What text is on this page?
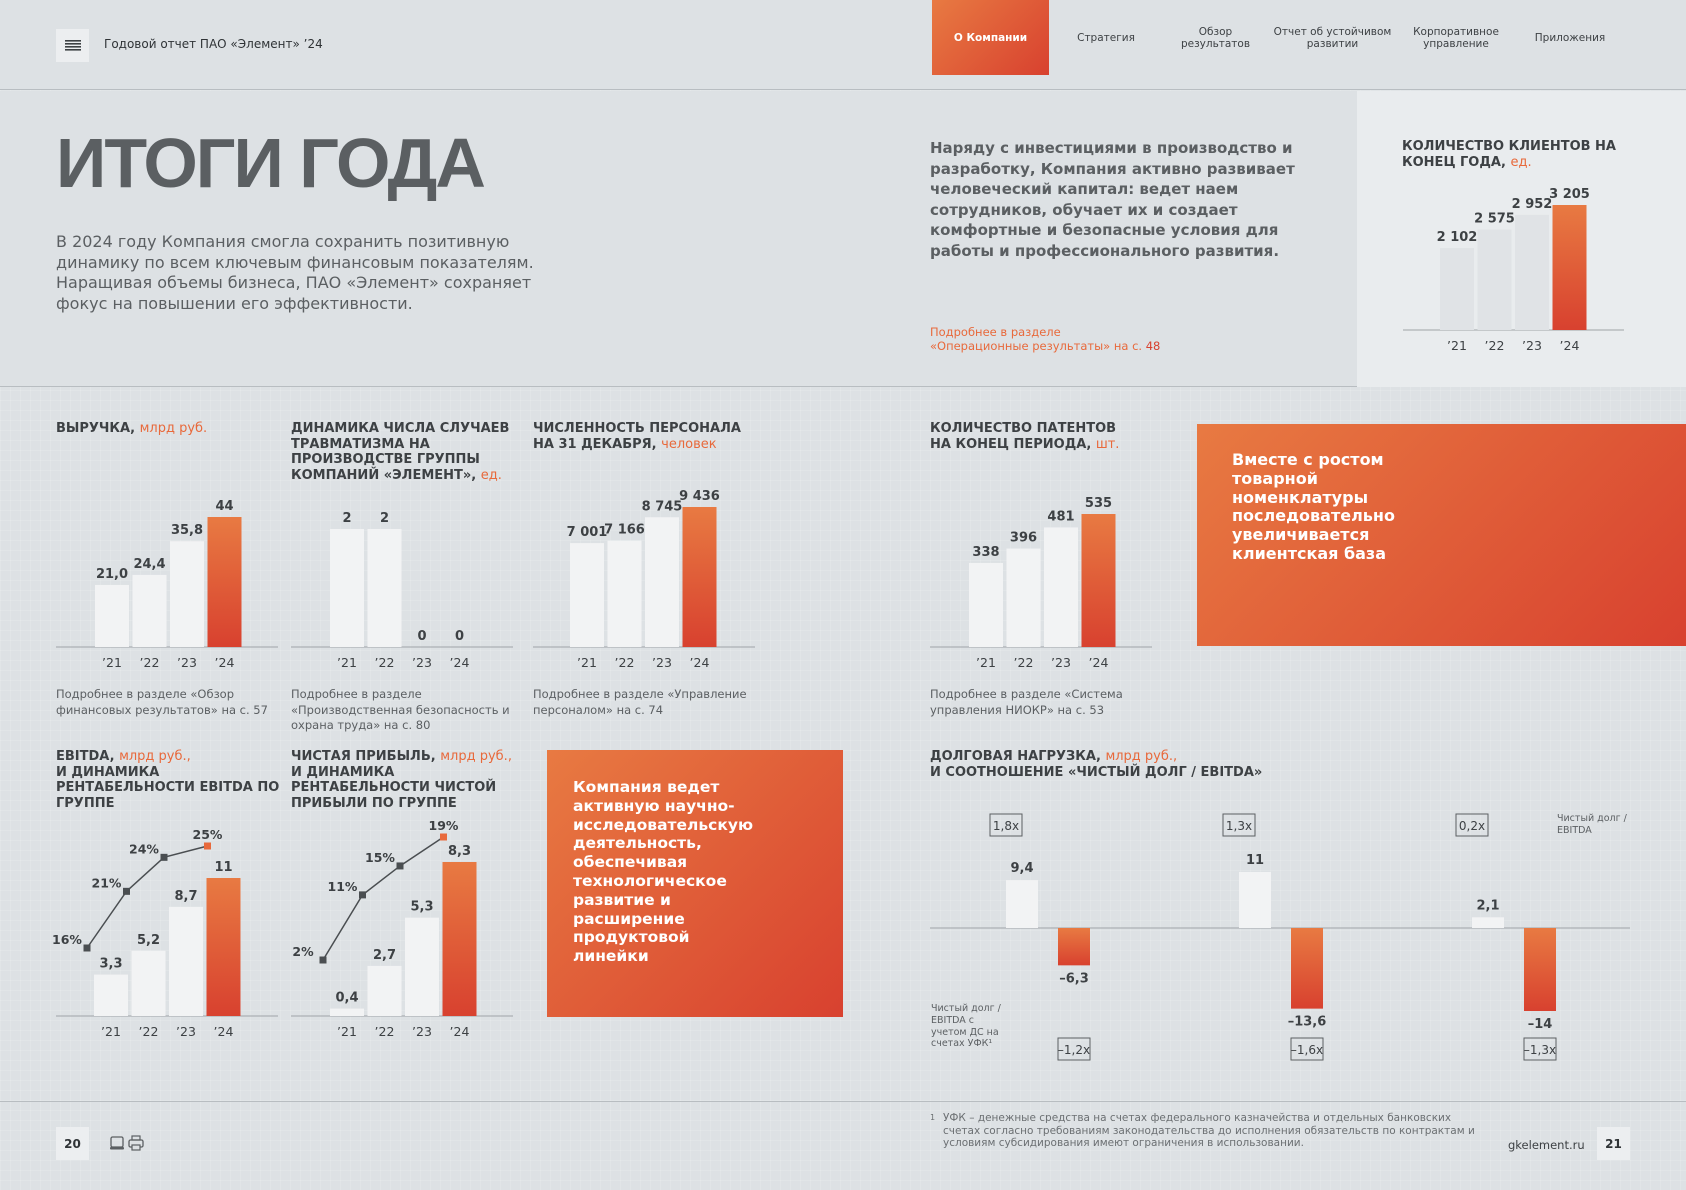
Годовой отчет ПАО «Элемент» ’24	О Компании	Стратегия	Обзор
результатов
Отчет об устойчивом
развитии
Корпоративное
управление	Приложения
ИТОГИ ГОДА
В 2024 году Компания смогла сохранить позитивную динамику по всем ключевым финансовым показателям. Наращивая объемы бизнеса, ПАО «Элемент» сохраняет фокус на повышении его эффективности.
Наряду с инвестициями в производство и разработку, Компания активно развивает человеческий капитал: ведет наем сотрудников, обучает их и создает комфортные и безопасные условия для работы и профессионального развития.
Подробнее в разделе
«Операционные результаты» на с. 48
КОЛИЧЕСТВО КЛИЕНТОВ НА КОНЕЦ ГОДА, ед.
ВЫРУЧКА, млрд руб.	ДИНАМИКА ЧИСЛА СЛУЧАЕВ ТРАВМАТИЗМА НА ПРОИЗВОДСТВЕ ГРУППЫ КОМПАНИЙ «ЭЛЕМЕНТ», ед.
ЧИСЛЕННОСТЬ ПЕРСОНАЛА НА 31 ДЕКАБРЯ, человек
КОЛИЧЕСТВО ПАТЕНТОВ НА КОНЕЦ ПЕРИОДА, шт.
Подробнее в разделе «Обзор финансовых результатов» на с. 57
Подробнее в разделе «Производственная безопасность и охрана труда» на с. 80
Подробнее в разделе «Управление персоналом» на с. 74
Подробнее в разделе «Система управления НИОКР» на с. 53
Вместе с ростом товарной номенклатуры последовательно увеличивается клиентская база
EBITDA, млрд руб.,
И ДИНАМИКА РЕНТАБЕЛЬНОСТИ EBITDA ПО ГРУППЕ
ЧИСТАЯ ПРИБЫЛЬ, млрд руб.,
И ДИНАМИКА РЕНТАБЕЛЬНОСТИ ЧИСТОЙ ПРИБЫЛИ ПО ГРУППЕ
Компания ведет активную научно-исследовательскую деятельность, обеспечивая технологическое развитие и расширение продуктовой линейки
ДОЛГОВАЯ НАГРУЗКА, млрд руб.,
И СООТНОШЕНИЕ «ЧИСТЫЙ ДОЛГ / EBITDA»
2 102
’21
2 575
’22
2 952
’23
3 205
’24
21,0
’21
24,4
’22
35,8
’23
44
’24
2
’21
2
’22
0
’23
0
’24
7 001
’21
7 166
’22
8 745
’23
9 436
’24
338
’21
396
’22
481
’23
535
’24
3,3
’21
5,2
’22
8,7
’23
11
’24
16%
21%
24%
25%
0,4
’21
2,7
’22
5,3
’23
8,3
’24
2%
11%
15%
19%
9,4
1,8x
–6,3
–1,2x
11
1,3x
–13,6
–1,6x
2,1
0,2x
–14
–1,3x
Чистый долг / EBITDA с учетом ДС на счетах УФК¹
Чистый долг / EBITDA
20
1 УФК – денежные средства на счетах федерального казначейства и отдельных банковских счетах согласно требованиям законодательства до исполнения обязательств по контрактам и условиям субсидирования имеют ограничения в использовании.	gkelement.ru	21
